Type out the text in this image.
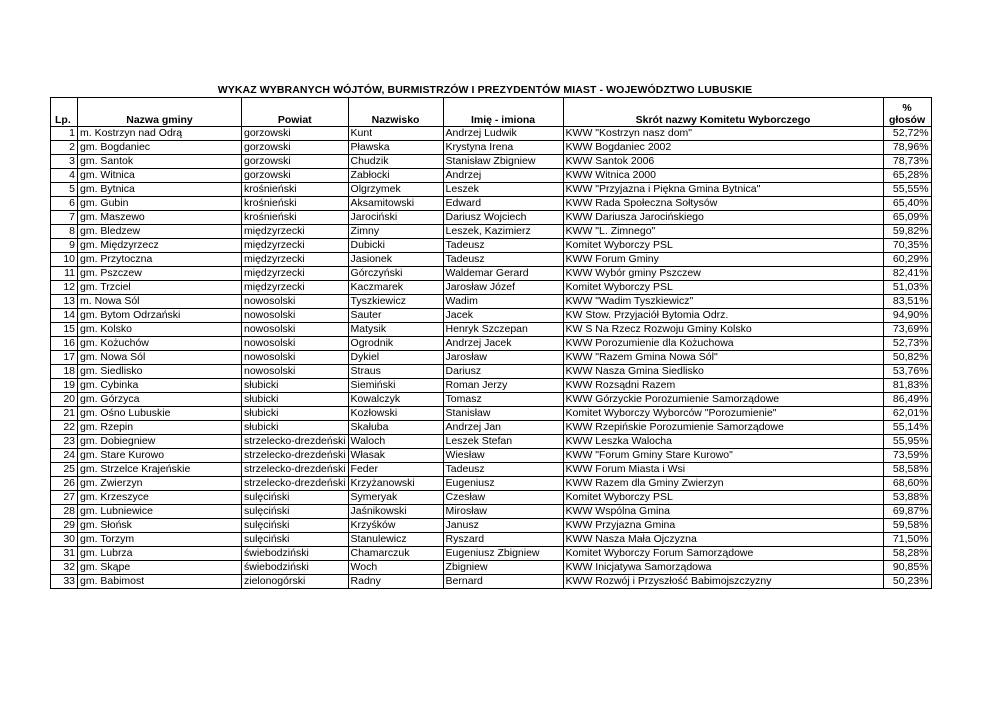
WYKAZ WYBRANYCH WÓJTÓW, BURMISTRZÓW I PREZYDENTÓW MIAST - WOJEWÓDZTWO LUBUSKIE
Lp.	Nazwa gminy	Powiat	Nazwisko	Imię - imiona	Skrót nazwy Komitetu Wyborczego	%
głosów
1	m. Kostrzyn nad Odrą	gorzowski	Kunt	Andrzej Ludwik	KWW "Kostrzyn nasz dom"	52,72%
2	gm. Bogdaniec	gorzowski	Pławska	Krystyna Irena	KWW Bogdaniec 2002	78,96%
3	gm. Santok	gorzowski	Chudzik	Stanisław Zbigniew	KWW Santok 2006	78,73%
4	gm. Witnica	gorzowski	Zabłocki	Andrzej	KWW Witnica 2000	65,28%
5	gm. Bytnica	krośnieński	Olgrzymek	Leszek	KWW "Przyjazna i Piękna Gmina Bytnica"	55,55%
6	gm. Gubin	krośnieński	Aksamitowski	Edward	KWW Rada Społeczna Sołtysów	65,40%
7	gm. Maszewo	krośnieński	Jarociński	Dariusz Wojciech	KWW Dariusza Jarocińskiego	65,09%
8	gm. Bledzew	międzyrzecki	Zimny	Leszek, Kazimierz	KWW "L. Zimnego"	59,82%
9	gm. Międzyrzecz	międzyrzecki	Dubicki	Tadeusz	Komitet Wyborczy PSL	70,35%
10	gm. Przytoczna	międzyrzecki	Jasionek	Tadeusz	KWW Forum Gminy	60,29%
11	gm. Pszczew	międzyrzecki	Górczyński	Waldemar Gerard	KWW Wybór gminy Pszczew	82,41%
12	gm. Trzciel	międzyrzecki	Kaczmarek	Jarosław Józef	Komitet Wyborczy PSL	51,03%
13	m. Nowa Sól	nowosolski	Tyszkiewicz	Wadim	KWW "Wadim Tyszkiewicz"	83,51%
14	gm. Bytom Odrzański	nowosolski	Sauter	Jacek	KW Stow. Przyjaciół Bytomia Odrz.	94,90%
15	gm. Kolsko	nowosolski	Matysik	Henryk Szczepan	KW S Na Rzecz Rozwoju Gminy Kolsko	73,69%
16	gm. Kożuchów	nowosolski	Ogrodnik	Andrzej Jacek	KWW Porozumienie dla Kożuchowa	52,73%
17	gm. Nowa Sól	nowosolski	Dykiel	Jarosław	KWW "Razem Gmina Nowa Sól"	50,82%
18	gm. Siedlisko	nowosolski	Straus	Dariusz	KWW Nasza Gmina Siedlisko	53,76%
19	gm. Cybinka	słubicki	Siemiński	Roman Jerzy	KWW Rozsądni Razem	81,83%
20	gm. Górzyca	słubicki	Kowalczyk	Tomasz	KWW Górzyckie Porozumienie Samorządowe	86,49%
21	gm. Ośno Lubuskie	słubicki	Kozłowski	Stanisław	Komitet Wyborczy Wyborców "Porozumienie"	62,01%
22	gm. Rzepin	słubicki	Skałuba	Andrzej Jan	KWW Rzepińskie Porozumienie Samorządowe	55,14%
23	gm. Dobiegniew	strzelecko-drezdeński	Waloch	Leszek Stefan	KWW Leszka Walocha	55,95%
24	gm. Stare Kurowo	strzelecko-drezdeński	Własak	Wiesław	KWW "Forum Gminy Stare Kurowo"	73,59%
25	gm. Strzelce Krajeńskie	strzelecko-drezdeński	Feder	Tadeusz	KWW Forum Miasta i Wsi	58,58%
26	gm. Zwierzyn	strzelecko-drezdeński	Krzyżanowski	Eugeniusz	KWW Razem dla Gminy Zwierzyn	68,60%
27	gm. Krzeszyce	sulęciński	Symeryak	Czesław	Komitet Wyborczy PSL	53,88%
28	gm. Lubniewice	sulęciński	Jaśnikowski	Mirosław	KWW Wspólna Gmina	69,87%
29	gm. Słońsk	sulęciński	Krzyśków	Janusz	KWW Przyjazna Gmina	59,58%
30	gm. Torzym	sulęciński	Stanulewicz	Ryszard	KWW Nasza Mała Ojczyzna	71,50%
31	gm. Lubrza	świebodziński	Chamarczuk	Eugeniusz Zbigniew	Komitet Wyborczy Forum Samorządowe	58,28%
32	gm. Skąpe	świebodziński	Woch	Zbigniew	KWW Inicjatywa Samorządowa	90,85%
33	gm. Babimost	zielonogórski	Radny	Bernard	KWW Rozwój i Przyszłość Babimojszczyzny	50,23%
